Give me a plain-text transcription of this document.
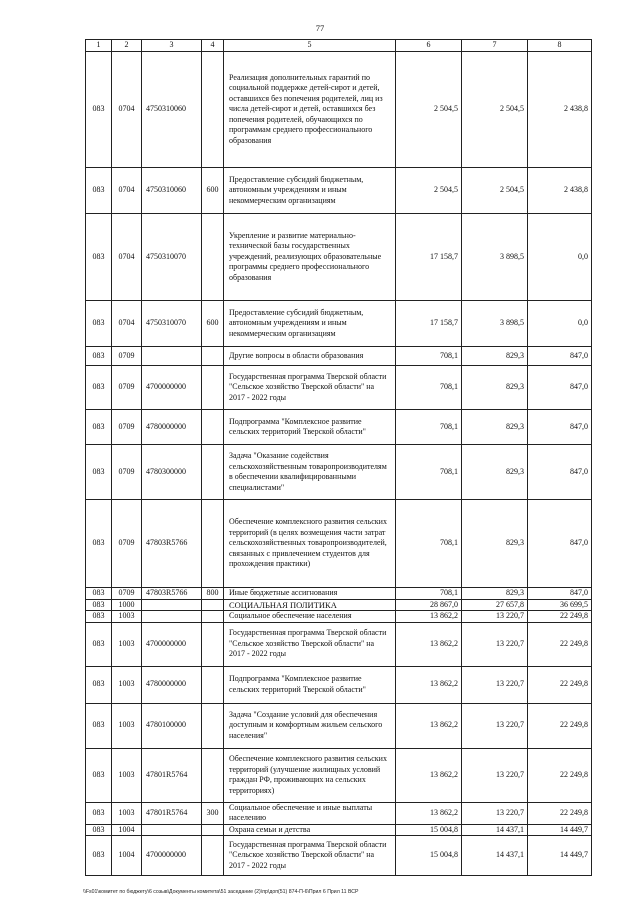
77
1	2	3	4	5	6	7	8
083	0704	4750310060		Реализация дополнительных гарантий по социальной поддержке детей-сирот и детей, оставшихся без попечения родителей, лиц из числа детей-сирот и детей, оставшихся без попечения родителей, обучающихся по программам среднего профессионального образования	2 504,5	2 504,5	2 438,8
083	0704	4750310060	600	Предоставление субсидий бюджетным, автономным учреждениям и иным некоммерческим организациям	2 504,5	2 504,5	2 438,8
083	0704	4750310070		Укрепление и развитие материально-технической базы государственных учреждений, реализующих образовательные программы среднего профессионального образования	17 158,7	3 898,5	0,0
083	0704	4750310070	600	Предоставление субсидий бюджетным, автономным учреждениям и иным некоммерческим организациям	17 158,7	3 898,5	0,0
083	0709			Другие вопросы в области образования	708,1	829,3	847,0
083	0709	4700000000		Государственная программа Тверской области "Сельское хозяйство Тверской области" на 2017 - 2022 годы	708,1	829,3	847,0
083	0709	4780000000		Подпрограмма "Комплексное развитие сельских территорий Тверской области"	708,1	829,3	847,0
083	0709	4780300000		Задача "Оказание содействия сельскохозяйственным товаропроизводителям в обеспечении квалифицированными специалистами"	708,1	829,3	847,0
083	0709	47803R5766		Обеспечение комплексного развития сельских территорий (в целях возмещения части затрат сельскохозяйственных товаропроизводителей, связанных с привлечением студентов для прохождения практики)	708,1	829,3	847,0
083	0709	47803R5766	800	Иные бюджетные ассигнования	708,1	829,3	847,0
083	1000			СОЦИАЛЬНАЯ ПОЛИТИКА	28 867,0	27 657,8	36 699,5
083	1003			Социальное обеспечение населения	13 862,2	13 220,7	22 249,8
083	1003	4700000000		Государственная программа Тверской области "Сельское хозяйство Тверской области" на 2017 - 2022 годы	13 862,2	13 220,7	22 249,8
083	1003	4780000000		Подпрограмма "Комплексное развитие сельских территорий Тверской области"	13 862,2	13 220,7	22 249,8
083	1003	4780100000		Задача "Создание условий для обеспечения доступным и комфортным жильем сельского населения"	13 862,2	13 220,7	22 249,8
083	1003	47801R5764		Обеспечение комплексного развития сельских территорий (улучшение жилищных условий граждан РФ, проживающих на сельских территориях)	13 862,2	13 220,7	22 249,8
083	1003	47801R5764	300	Социальное обеспечение и иные выплаты населению	13 862,2	13 220,7	22 249,8
083	1004			Охрана семьи и детства	15 004,8	14 437,1	14 449,7
083	1004	4700000000		Государственная программа Тверской области "Сельское хозяйство Тверской области" на 2017 - 2022 годы	15 004,8	14 437,1	14 449,7
\\Fs01\комитет по бюджету\6 созыв\Документы комитета\51 заседание (2)\пр\доп(51) 874-П-6\Прил 6 Прил 11 ВСР
